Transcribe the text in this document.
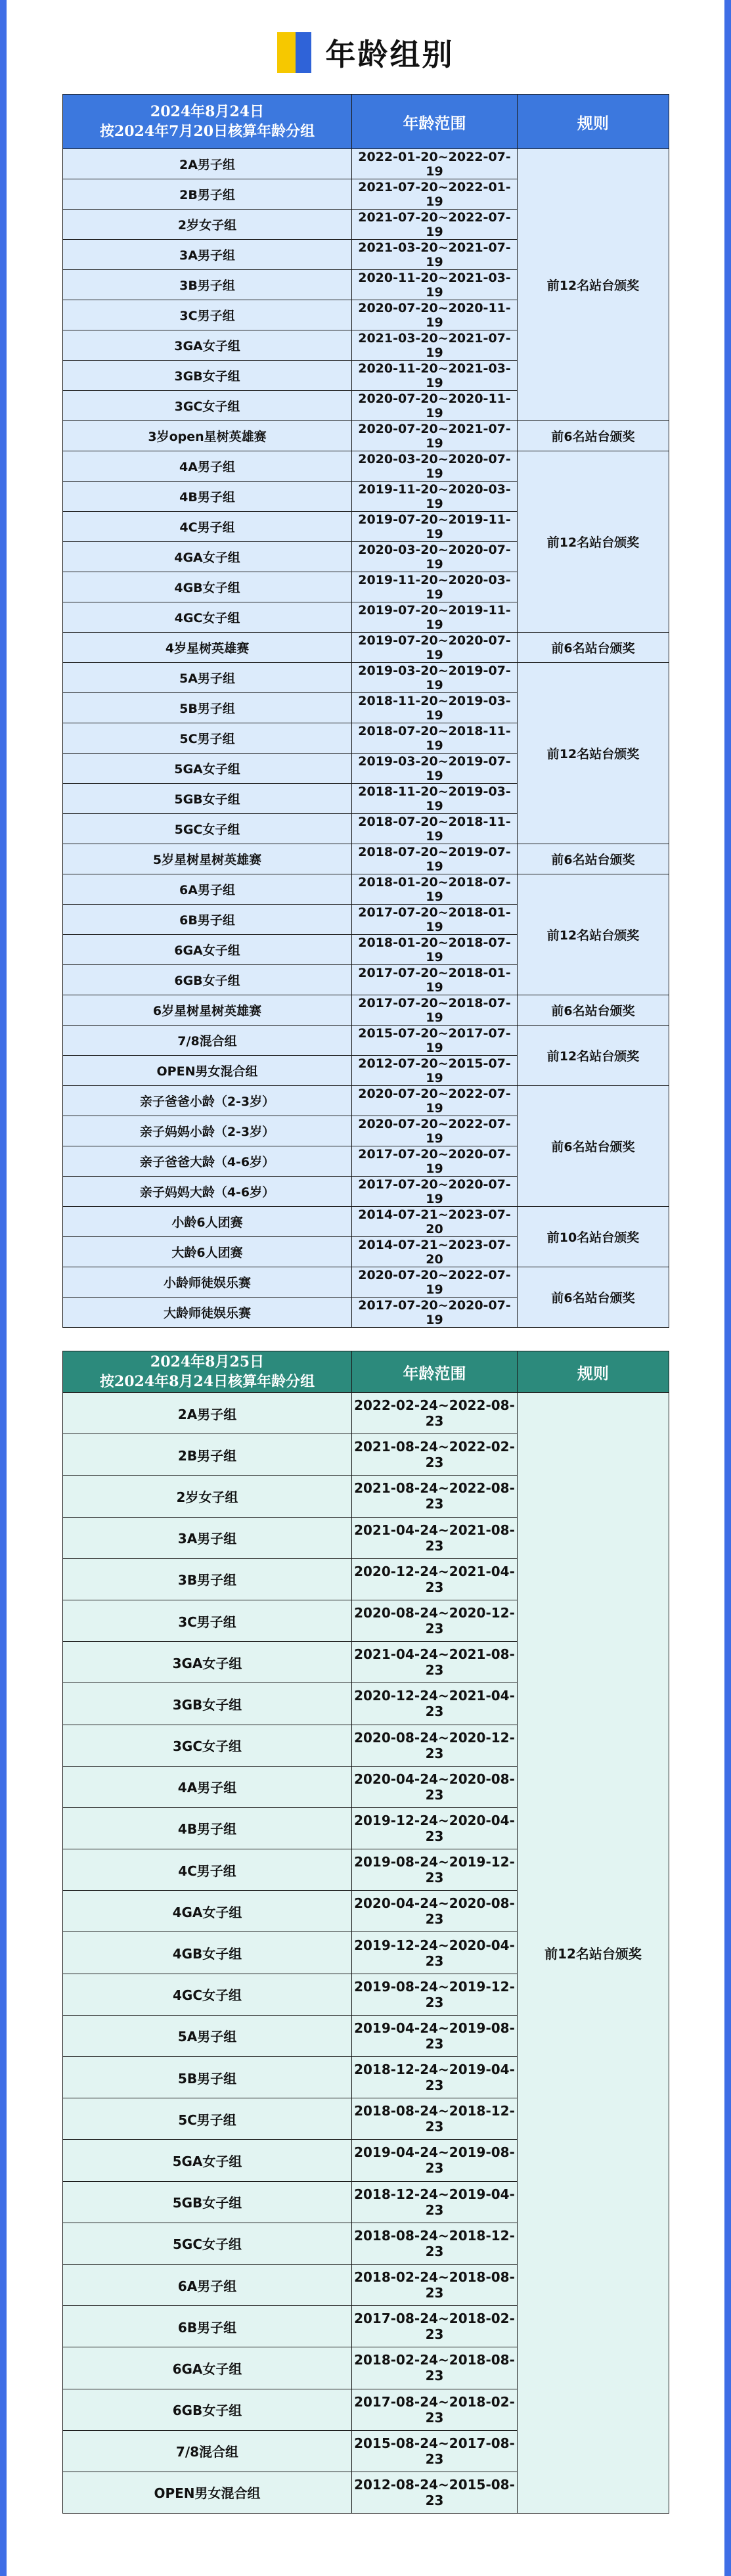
年龄组别
2024年8月24日
按2024年7月20日核算年龄分组	年龄范围	规则
2A男子组	2022-01-20~2022-07-19	前12名站台颁奖
2B男子组	2021-07-20~2022-01-19	
2岁女子组	2021-07-20~2022-07-19	
3A男子组	2021-03-20~2021-07-19	
3B男子组	2020-11-20~2021-03-19	
3C男子组	2020-07-20~2020-11-19	
3GA女子组	2021-03-20~2021-07-19	
3GB女子组	2020-11-20~2021-03-19	
3GC女子组	2020-07-20~2020-11-19	
3岁open星树英雄赛	2020-07-20~2021-07-19	前6名站台颁奖
4A男子组	2020-03-20~2020-07-19	前12名站台颁奖
4B男子组	2019-11-20~2020-03-19	
4C男子组	2019-07-20~2019-11-19	
4GA女子组	2020-03-20~2020-07-19	
4GB女子组	2019-11-20~2020-03-19	
4GC女子组	2019-07-20~2019-11-19	
4岁星树英雄赛	2019-07-20~2020-07-19	前6名站台颁奖
5A男子组	2019-03-20~2019-07-19	前12名站台颁奖
5B男子组	2018-11-20~2019-03-19	
5C男子组	2018-07-20~2018-11-19	
5GA女子组	2019-03-20~2019-07-19	
5GB女子组	2018-11-20~2019-03-19	
5GC女子组	2018-07-20~2018-11-19	
5岁星树星树英雄赛	2018-07-20~2019-07-19	前6名站台颁奖
6A男子组	2018-01-20~2018-07-19	前12名站台颁奖
6B男子组	2017-07-20~2018-01-19	
6GA女子组	2018-01-20~2018-07-19	
6GB女子组	2017-07-20~2018-01-19	
6岁星树星树英雄赛	2017-07-20~2018-07-19	前6名站台颁奖
7/8混合组	2015-07-20~2017-07-19	前12名站台颁奖
OPEN男女混合组	2012-07-20~2015-07-19	
亲子爸爸小龄（2-3岁）	2020-07-20~2022-07-19	前6名站台颁奖
亲子妈妈小龄（2-3岁）	2020-07-20~2022-07-19	
亲子爸爸大龄（4-6岁）	2017-07-20~2020-07-19	
亲子妈妈大龄（4-6岁）	2017-07-20~2020-07-19	
小龄6人团赛	2014-07-21~2023-07-20	前10名站台颁奖
大龄6人团赛	2014-07-21~2023-07-20	
小龄师徒娱乐赛	2020-07-20~2022-07-19	前6名站台颁奖
大龄师徒娱乐赛	2017-07-20~2020-07-19	
2024年8月25日
按2024年8月24日核算年龄分组	年龄范围	规则
2A男子组	2022-02-24~2022-08-23	前12名站台颁奖
2B男子组	2021-08-24~2022-02-23	
2岁女子组	2021-08-24~2022-08-23	
3A男子组	2021-04-24~2021-08-23	
3B男子组	2020-12-24~2021-04-23	
3C男子组	2020-08-24~2020-12-23	
3GA女子组	2021-04-24~2021-08-23	
3GB女子组	2020-12-24~2021-04-23	
3GC女子组	2020-08-24~2020-12-23	
4A男子组	2020-04-24~2020-08-23	
4B男子组	2019-12-24~2020-04-23	
4C男子组	2019-08-24~2019-12-23	
4GA女子组	2020-04-24~2020-08-23	
4GB女子组	2019-12-24~2020-04-23	
4GC女子组	2019-08-24~2019-12-23	
5A男子组	2019-04-24~2019-08-23	
5B男子组	2018-12-24~2019-04-23	
5C男子组	2018-08-24~2018-12-23	
5GA女子组	2019-04-24~2019-08-23	
5GB女子组	2018-12-24~2019-04-23	
5GC女子组	2018-08-24~2018-12-23	
6A男子组	2018-02-24~2018-08-23	
6B男子组	2017-08-24~2018-02-23	
6GA女子组	2018-02-24~2018-08-23	
6GB女子组	2017-08-24~2018-02-23	
7/8混合组	2015-08-24~2017-08-23	
OPEN男女混合组	2012-08-24~2015-08-23	
